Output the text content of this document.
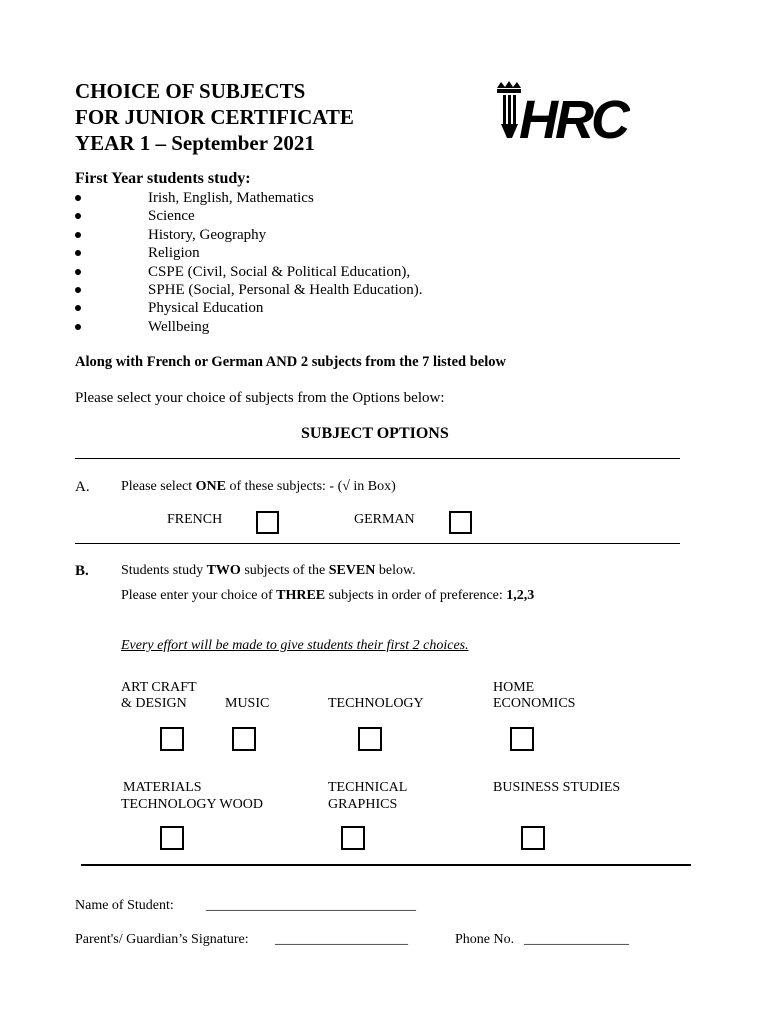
CHOICE OF SUBJECTS
FOR JUNIOR CERTIFICATE
YEAR 1 – September 2021	HRC
First Year students study:
Irish, English, Mathematics
Science
History, Geography
Religion
CSPE (Civil, Social & Political Education),
SPHE (Social, Personal & Health Education).
Physical Education
Wellbeing
Along with French or German AND 2 subjects from the 7 listed below
Please select your choice of subjects from the Options below:
SUBJECT OPTIONS
A. Please select ONE of these subjects: - (√ in Box)
FRENCH	GERMAN
B. Students study TWO subjects of the SEVEN below.
Please enter your choice of THREE subjects in order of preference: 1,2,3
Every effort will be made to give students their first 2 choices.
ART CRAFT
& DESIGN	MUSIC	TECHNOLOGY
HOME
ECONOMICS
MATERIALS
TECHNOLOGY WOOD
TECHNICAL
GRAPHICS
BUSINESS STUDIES
Name of Student: ______________________________
Parent's/ Guardian’s Signature: ___________________	Phone No. _______________
